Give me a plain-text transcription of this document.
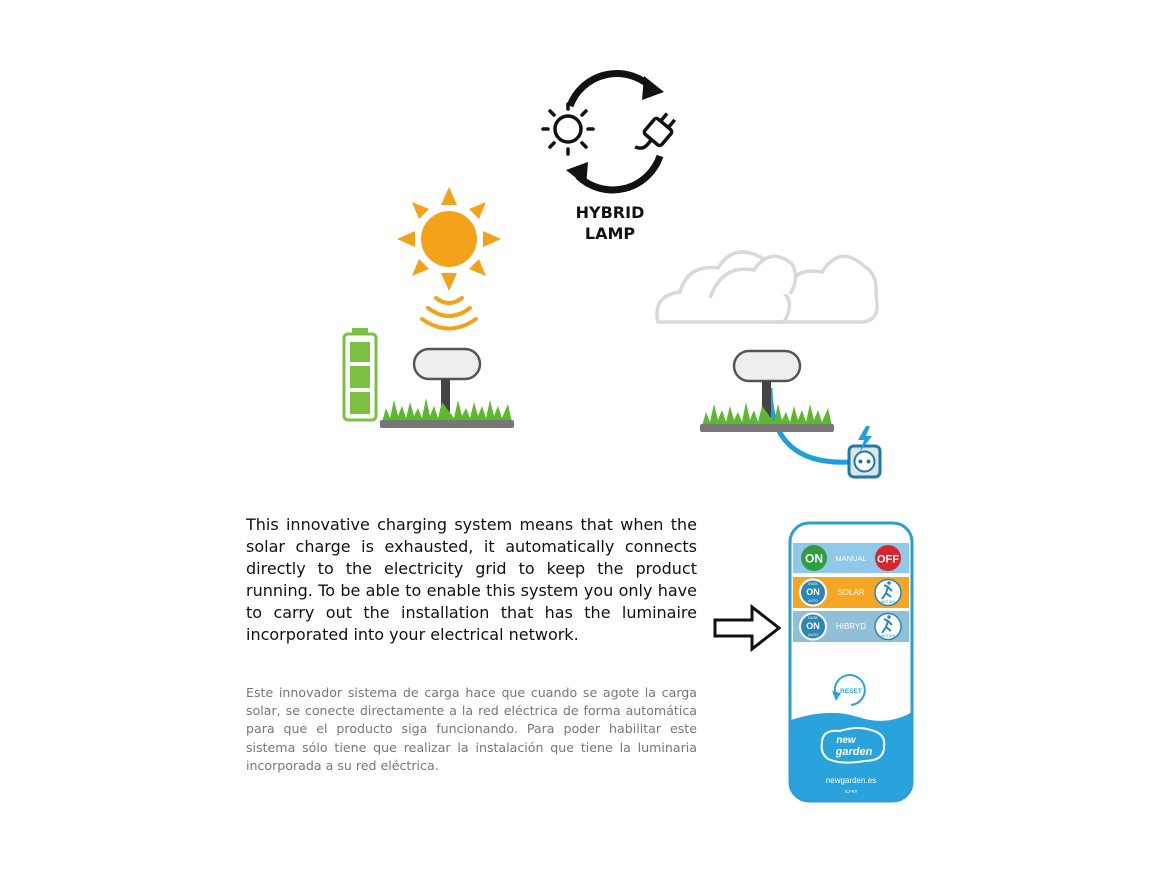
HYBRID
LAMP
This innovative charging system means that when the solar charge is exhausted, it automatically connects directly to the electricity grid to keep the product running. To be able to enable this system you only have to carry out the installation that has the luminaire incorporated into your electrical network.
Este innovador sistema de carga hace que cuando se agote la carga solar, se conecte directamente a la red eléctrica de forma automática para que el producto siga funcionando. Para poder habilitar este sistema sólo tiene que realizar la instalación que tiene la luminaria incorporada a su red eléctrica.
ON MANUAL OFF
DUSK
ON
AUTO
SOLAR
MOTION
DUSK
ON
AUTO
HIBRYD
MOTION
RESET
new
garden
newgarden.es
SJ-RT
